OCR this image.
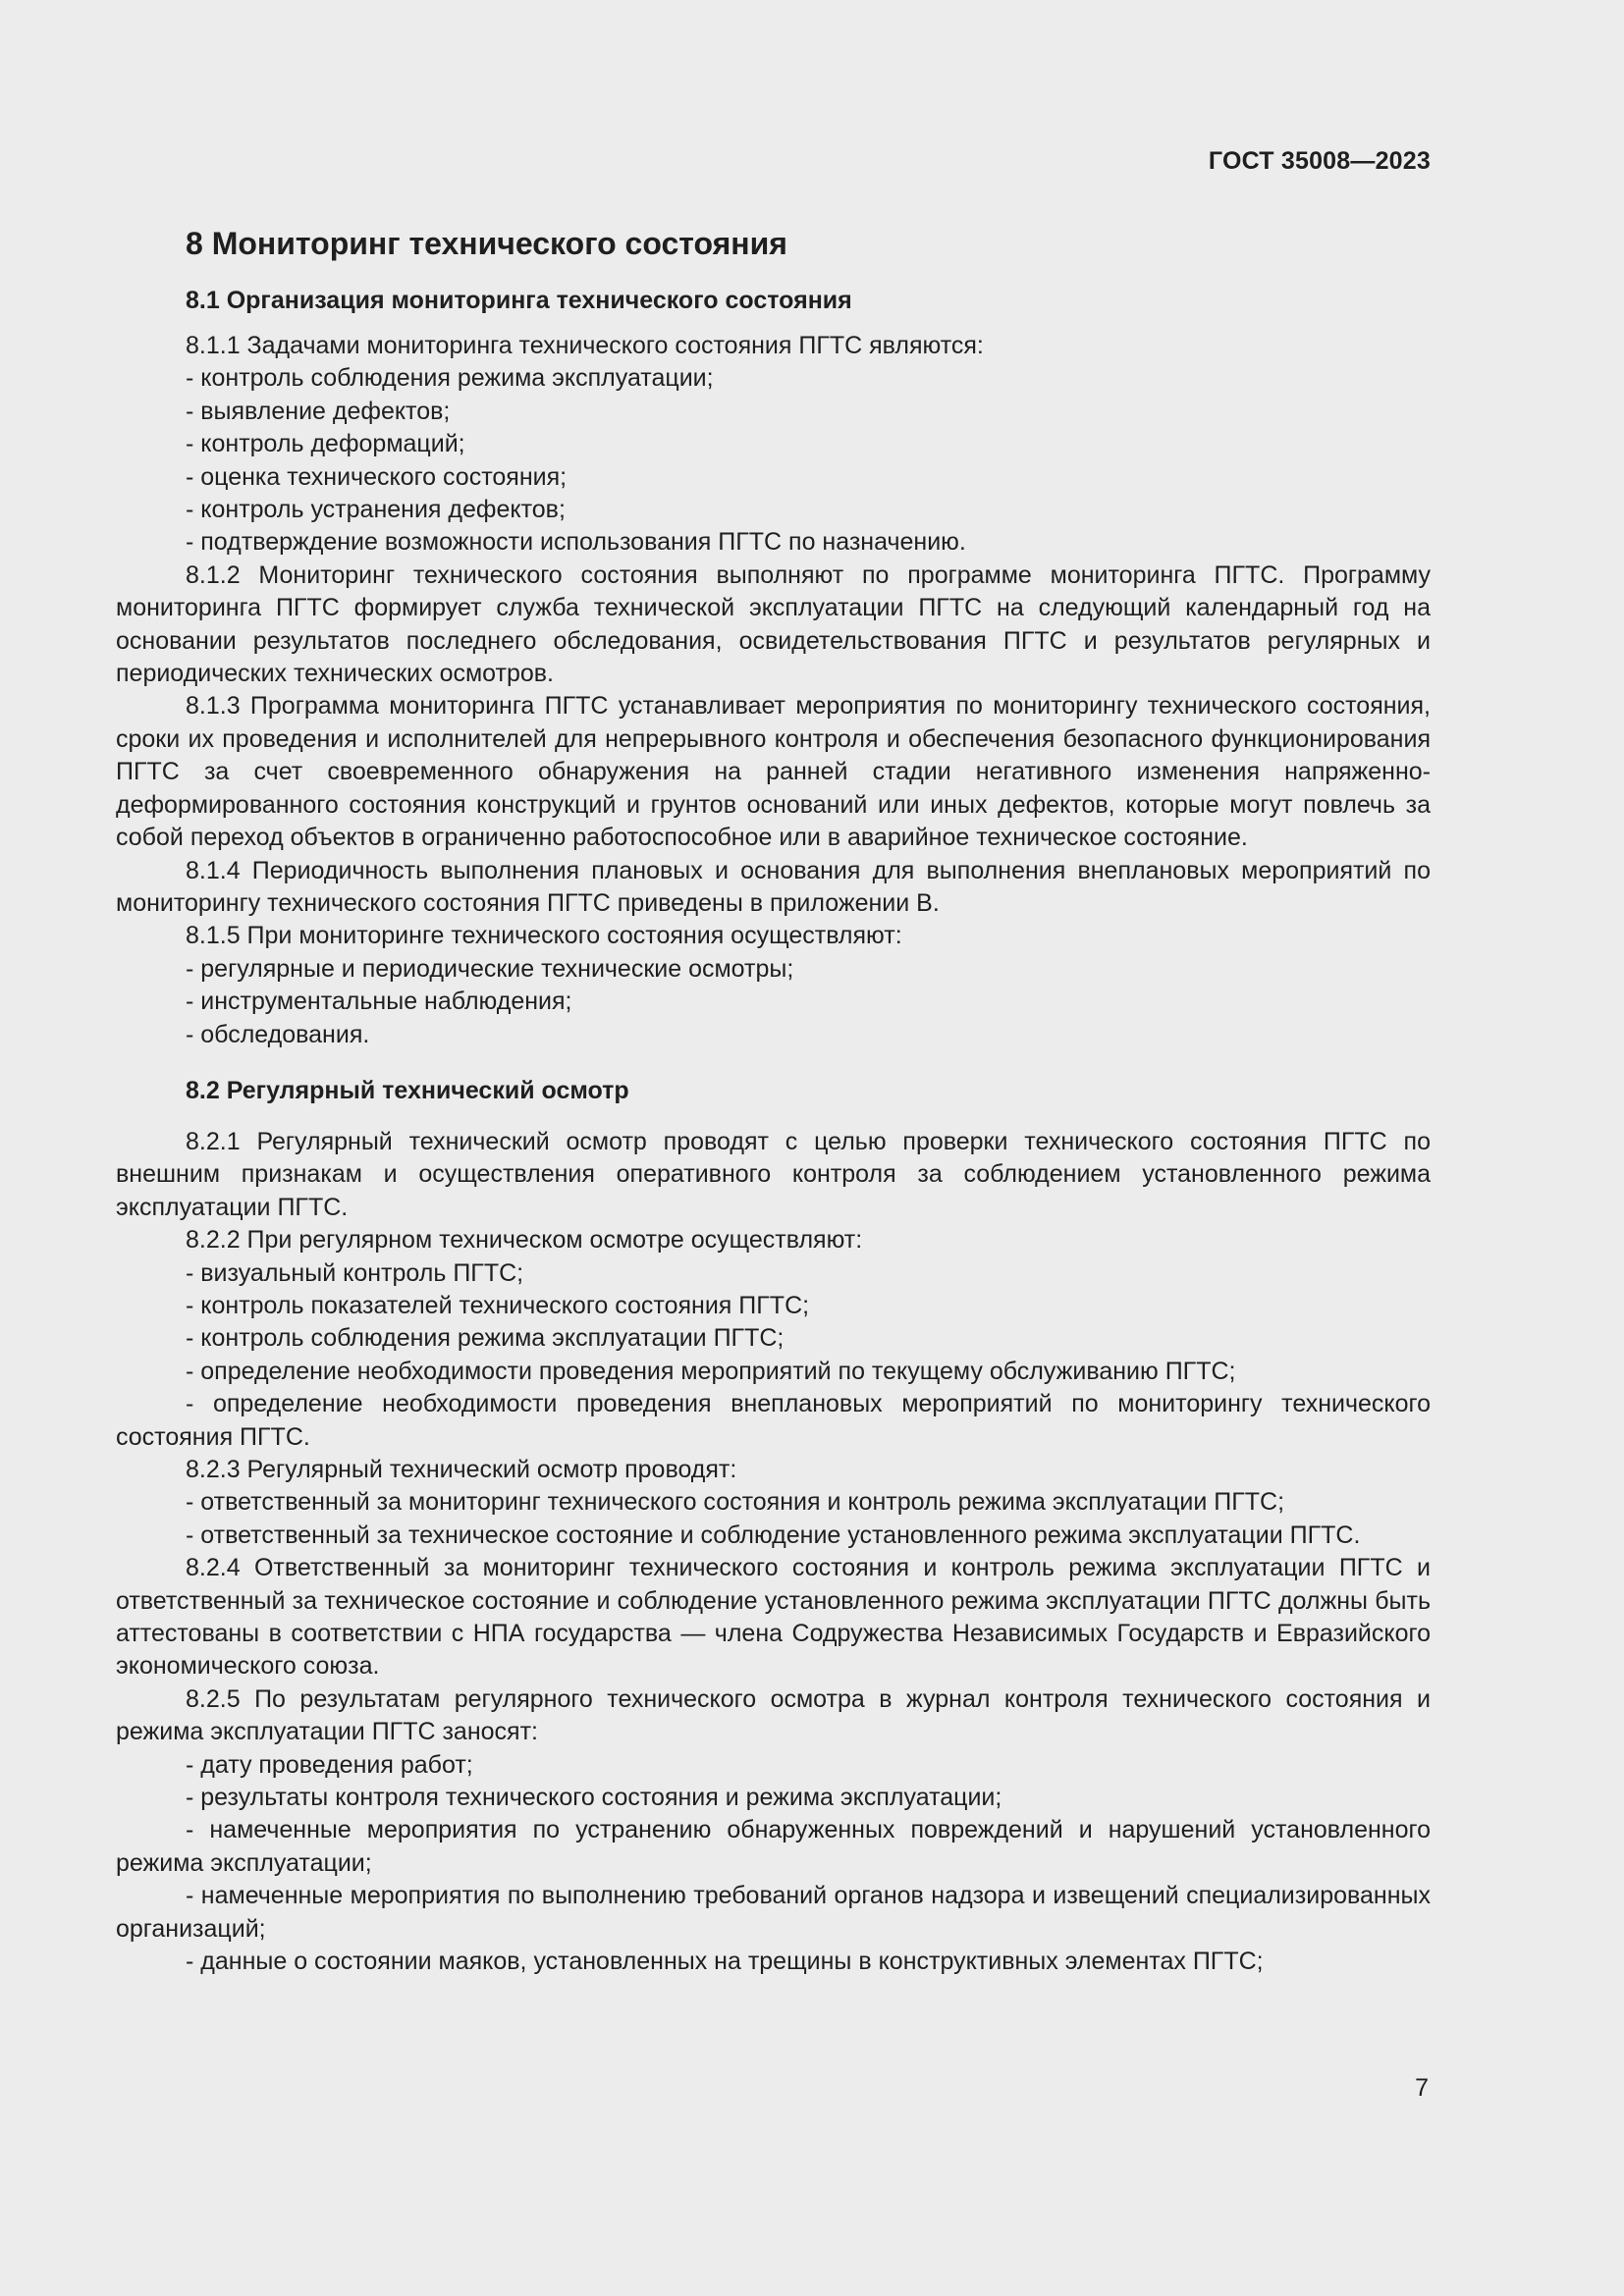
ГОСТ 35008—2023
8 Мониторинг технического состояния
8.1 Организация мониторинга технического состояния

8.1.1 Задачами мониторинга технического состояния ПГТС являются:

- контроль соблюдения режима эксплуатации;

- выявление дефектов;

- контроль деформаций;

- оценка технического состояния;

- контроль устранения дефектов;

- подтверждение возможности использования ПГТС по назначению.

8.1.2 Мониторинг технического состояния выполняют по программе мониторинга ПГТС. Программу мониторинга ПГТС формирует служба технической эксплуатации ПГТС на следующий календарный год на основании результатов последнего обследования, освидетельствования ПГТС и результатов регулярных и периодических технических осмотров.

8.1.3 Программа мониторинга ПГТС устанавливает мероприятия по мониторингу технического состояния, сроки их проведения и исполнителей для непрерывного контроля и обеспечения безопасного функционирования ПГТС за счет своевременного обнаружения на ранней стадии негативного изменения напряженно-деформированного состояния конструкций и грунтов оснований или иных дефектов, которые могут повлечь за собой переход объектов в ограниченно работоспособное или в аварийное техническое состояние.

8.1.4 Периодичность выполнения плановых и основания для выполнения внеплановых мероприятий по мониторингу технического состояния ПГТС приведены в приложении В.

8.1.5 При мониторинге технического состояния осуществляют:

- регулярные и периодические технические осмотры;

- инструментальные наблюдения;

- обследования.

8.2 Регулярный технический осмотр

8.2.1 Регулярный технический осмотр проводят с целью проверки технического состояния ПГТС по внешним признакам и осуществления оперативного контроля за соблюдением установленного режима эксплуатации ПГТС.

8.2.2 При регулярном техническом осмотре осуществляют:

- визуальный контроль ПГТС;

- контроль показателей технического состояния ПГТС;

- контроль соблюдения режима эксплуатации ПГТС;

- определение необходимости проведения мероприятий по текущему обслуживанию ПГТС;

- определение необходимости проведения внеплановых мероприятий по мониторингу технического состояния ПГТС.

8.2.3 Регулярный технический осмотр проводят:

- ответственный за мониторинг технического состояния и контроль режима эксплуатации ПГТС;

- ответственный за техническое состояние и соблюдение установленного режима эксплуатации ПГТС.

8.2.4 Ответственный за мониторинг технического состояния и контроль режима эксплуатации ПГТС и ответственный за техническое состояние и соблюдение установленного режима эксплуатации ПГТС должны быть аттестованы в соответствии с НПА государства — члена Содружества Независимых Государств и Евразийского экономического союза.

8.2.5 По результатам регулярного технического осмотра в журнал контроля технического состояния и режима эксплуатации ПГТС заносят:

- дату проведения работ;

- результаты контроля технического состояния и режима эксплуатации;

- намеченные мероприятия по устранению обнаруженных повреждений и нарушений установленного режима эксплуатации;

- намеченные мероприятия по выполнению требований органов надзора и извещений специализированных организаций;

- данные о состоянии маяков, установленных на трещины в конструктивных элементах ПГТС;

7
